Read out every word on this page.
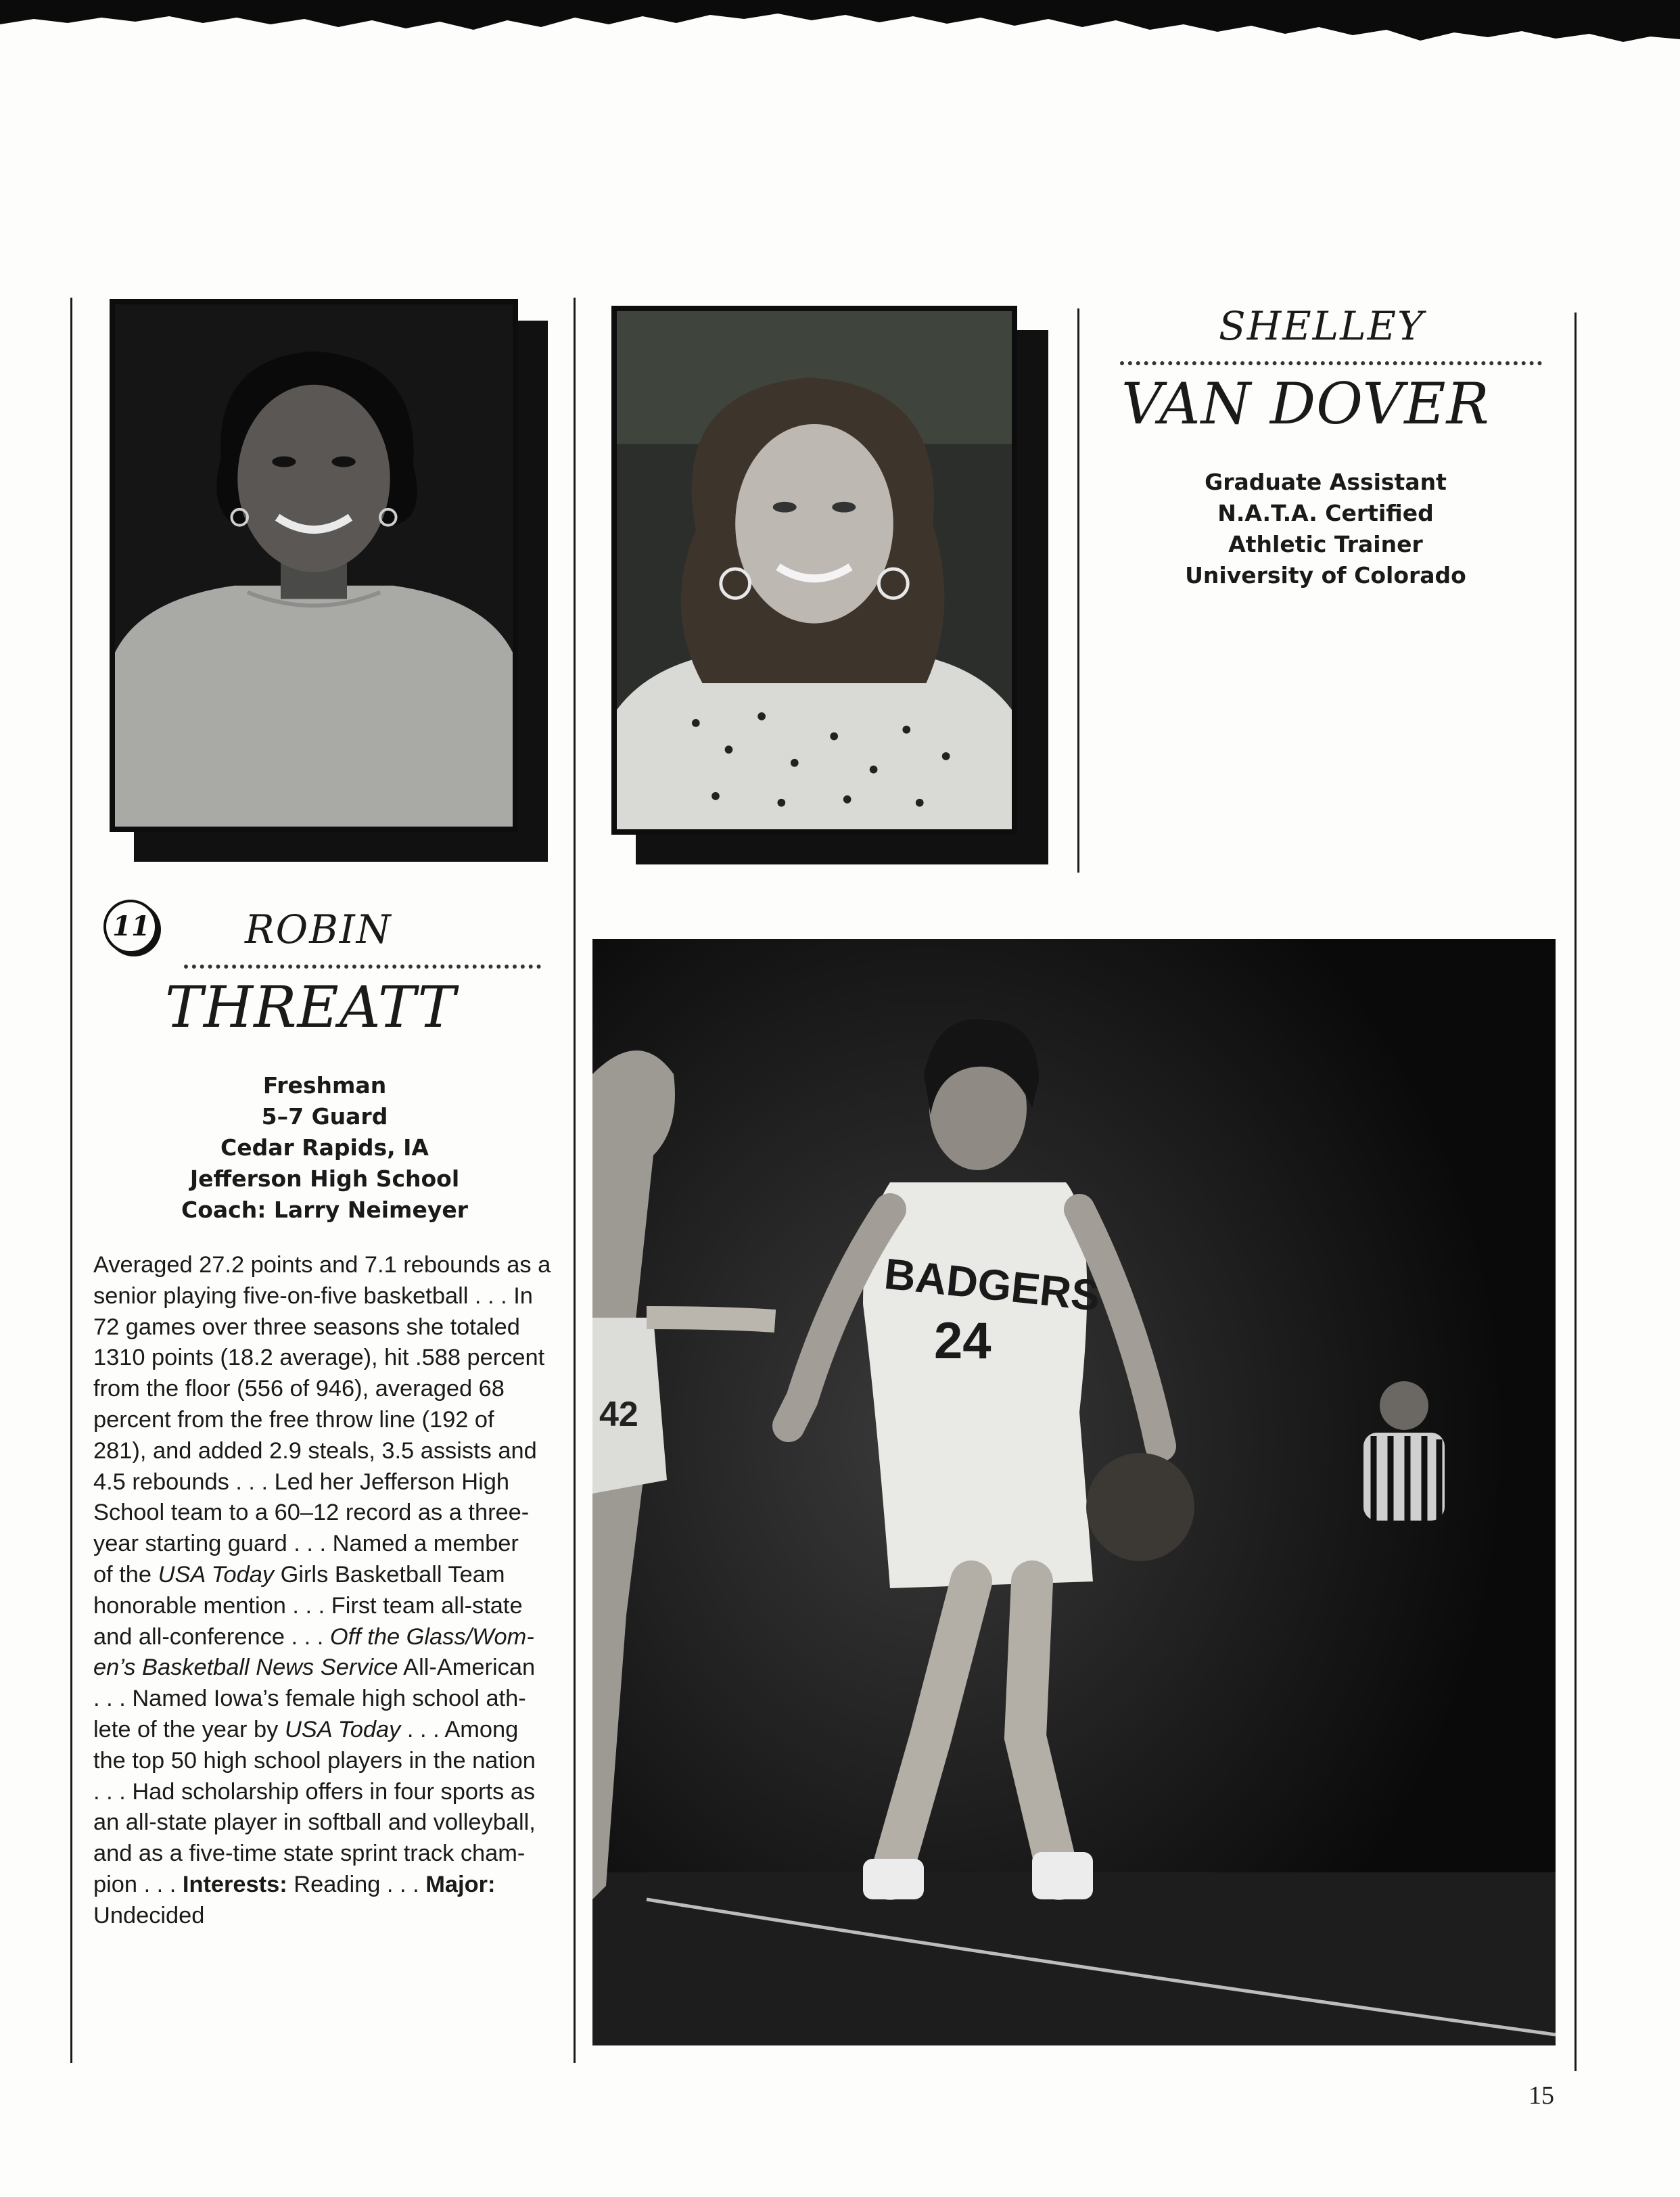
SHELLEY
VAN DOVER
Graduate Assistant
N.A.T.A. Certified
Athletic Trainer
University of Colorado
11 ROBIN
THREATT
Freshman
5–7 Guard
Cedar Rapids, IA
Jefferson High School
Coach: Larry Neimeyer
Averaged 27.2 points and 7.1 rebounds as a
senior playing five-on-five basketball . . . In
72 games over three seasons she totaled
1310 points (18.2 average), hit .588 percent
from the floor (556 of 946), averaged 68
percent from the free throw line (192 of
281), and added 2.9 steals, 3.5 assists and
4.5 rebounds . . . Led her Jefferson High
School team to a 60–12 record as a three-
year starting guard . . . Named a member
of the USA Today Girls Basketball Team
honorable mention . . . First team all-state
and all-conference . . . Off the Glass/Wom-
en’s Basketball News Service All-American
. . . Named Iowa’s female high school ath-
lete of the year by USA Today . . . Among
the top 50 high school players in the nation
. . . Had scholarship offers in four sports as
an all-state player in softball and volleyball,
and as a five-time state sprint track cham-
pion . . . Interests: Reading . . . Major:
Undecided
42
BADGERS
24
15
